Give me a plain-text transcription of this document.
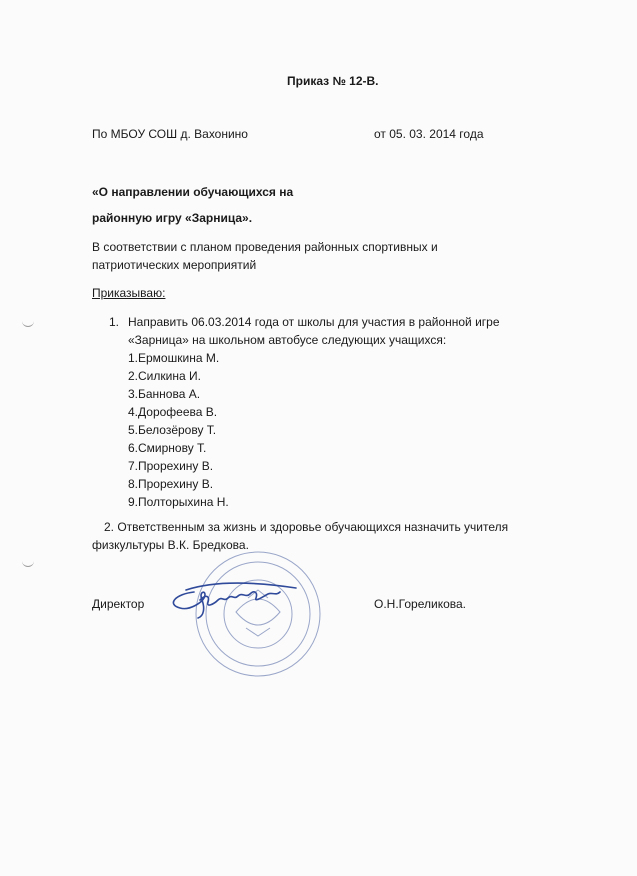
Приказ № 12-В.
По МБОУ СОШ д. Вахонино	от 05. 03. 2014 года
«О направлении обучающихся на
районную игру «Зарница».
В соответствии с планом проведения районных спортивных и
патриотических мероприятий
Приказываю:
1. Направить 06.03.2014 года от школы для участия в районной игре
«Зарница» на школьном автобусе следующих учащихся:
1.Ермошкина М.
2.Силкина И.
3.Баннова А.
4.Дорофеева В.
5.Белозёрову Т.
6.Смирнову Т.
7.Прорехину В.
8.Прорехину В.
9.Полторыхина Н.
2. Ответственным за жизнь и здоровье обучающихся назначить учителя
физкультуры В.К. Бредкова.
Директор	О.Н.Гореликова.
